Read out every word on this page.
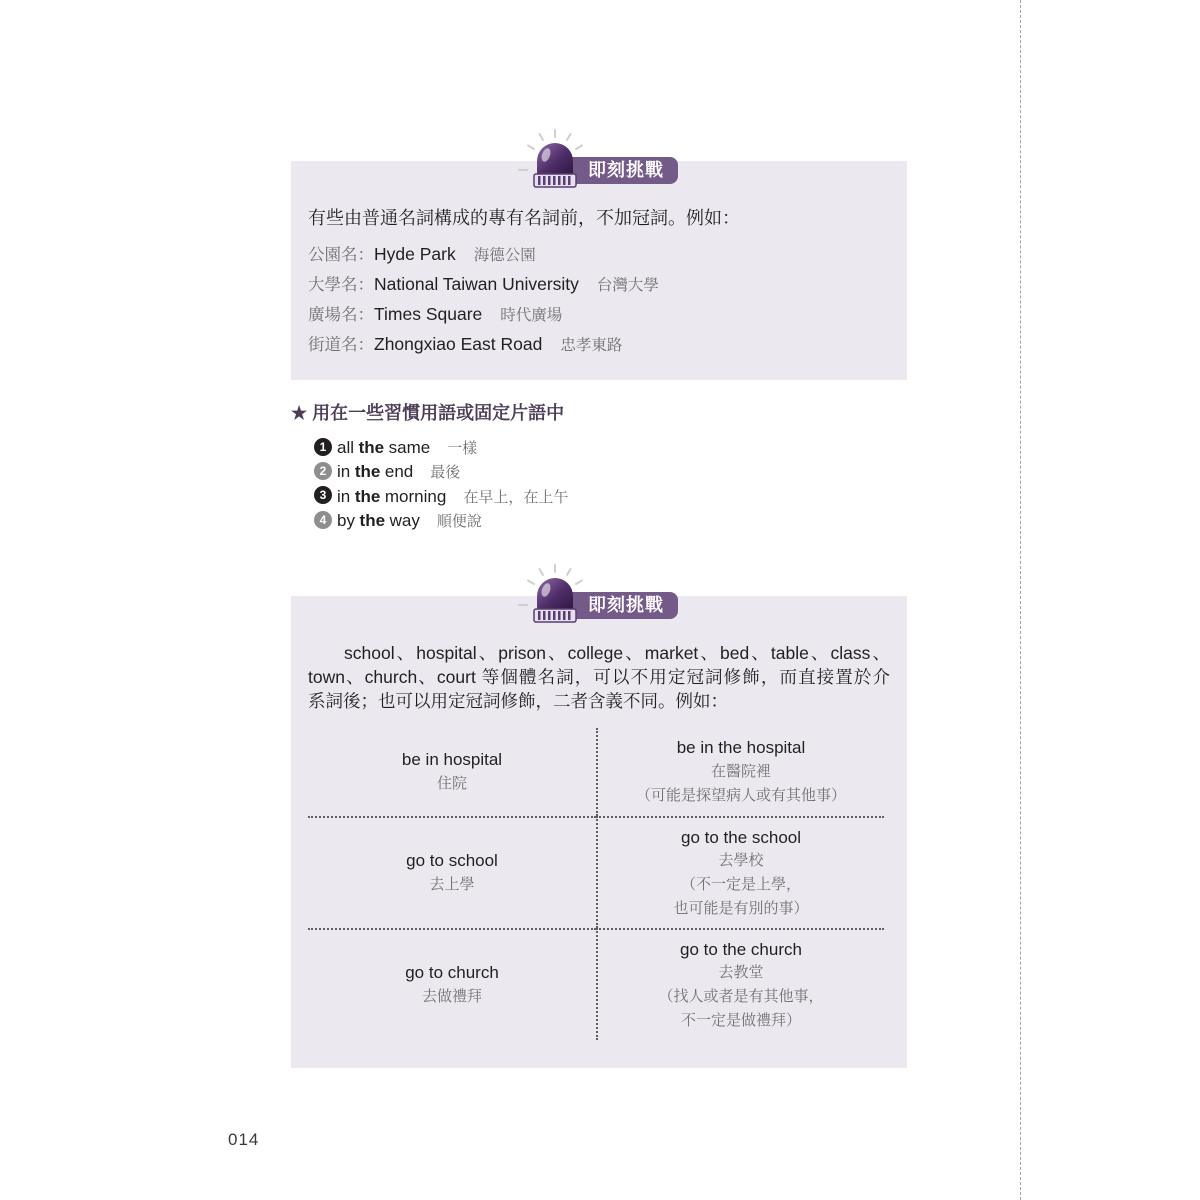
即刻挑戰

有些由普通名詞構成的專有名詞前，不加冠詞。例如：

公園名：Hyde Park 海德公園
大學名：National Taiwan University 台灣大學
廣場名：Times Square 時代廣場
街道名：Zhongxiao East Road 忠孝東路
★ 用在一些習慣用語或固定片語中
1 all the same 一樣
2 in the end 最後
3 in the morning 在早上，在上午
4 by the way 順便說
即刻挑戰
school、hospital、prison、college、market、bed、table、class、
town、church、court 等個體名詞，可以不用定冠詞修飾，而直接置於介
系詞後；也可以用定冠詞修飾，二者含義不同。例如：
be in hospital
住院
be in the hospital
在醫院裡
（可能是探望病人或有其他事）
go to school
去上學
go to the school
去學校
（不一定是上學，
也可能是有別的事）
go to church
去做禮拜
go to the church
去教堂
（找人或者是有其他事，
不一定是做禮拜）
014
